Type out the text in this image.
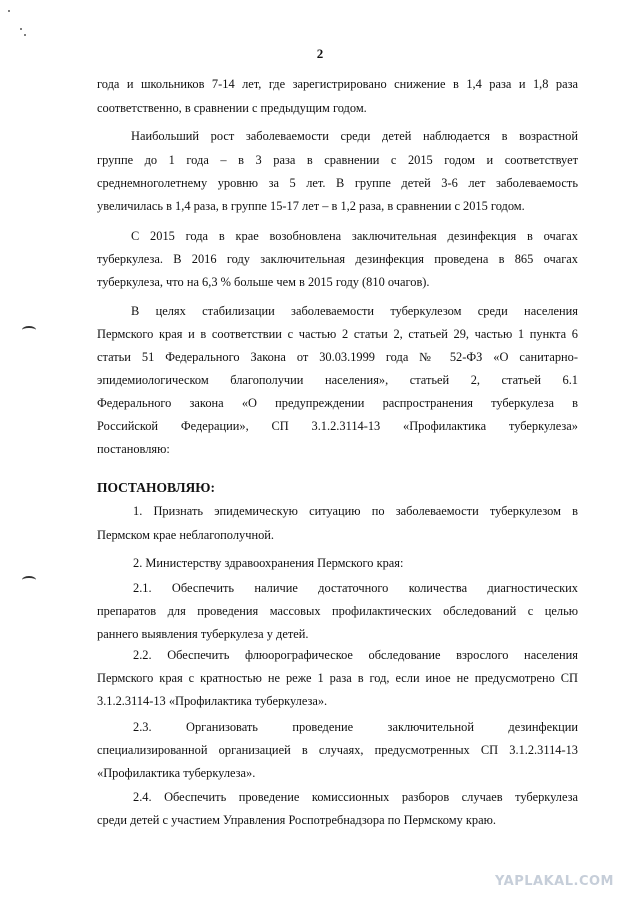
2
года и школьников 7-14 лет, где зарегистрировано снижение в 1,4 раза и 1,8 раза
соответственно, в сравнении с предыдущим годом.
Наибольший рост заболеваемости среди детей наблюдается в возрастной
группе до 1 года – в 3 раза в сравнении с 2015 годом и соответствует
среднемноголетнему уровню за 5 лет. В группе детей 3-6 лет заболеваемость
увеличилась в 1,4 раза, в группе 15-17 лет – в 1,2 раза, в сравнении с 2015 годом.
С 2015 года в крае возобновлена заключительная дезинфекция в очагах
туберкулеза. В 2016 году заключительная дезинфекция проведена в 865 очагах
туберкулеза, что на 6,3 % больше чем в 2015 году (810 очагов).
В целях стабилизации заболеваемости туберкулезом среди населения
Пермского края и в соответствии с частью 2 статьи 2, статьей 29, частью 1 пункта 6
статьи 51 Федерального Закона от 30.03.1999 года № 52-ФЗ «О санитарно-
эпидемиологическом благополучии населения», статьей 2, статьей 6.1
Федерального закона «О предупреждении распространения туберкулеза в
Российской Федерации», СП 3.1.2.3114-13 «Профилактика туберкулеза»
постановляю:
ПОСТАНОВЛЯЮ:
1. Признать эпидемическую ситуацию по заболеваемости туберкулезом в
Пермском крае неблагополучной.
2. Министерству здравоохранения Пермского края:
2.1. Обеспечить наличие достаточного количества диагностических
препаратов для проведения массовых профилактических обследований с целью
раннего выявления туберкулеза у детей.
2.2. Обеспечить флюорографическое обследование взрослого населения
Пермского края с кратностью не реже 1 раза в год, если иное не предусмотрено СП
3.1.2.3114-13 «Профилактика туберкулеза».
2.3. Организовать проведение заключительной дезинфекции
специализированной организацией в случаях, предусмотренных СП 3.1.2.3114-13
«Профилактика туберкулеза».
2.4. Обеспечить проведение комиссионных разборов случаев туберкулеза
среди детей с участием Управления Роспотребнадзора по Пермскому краю.
YAPLAKAL.COM
